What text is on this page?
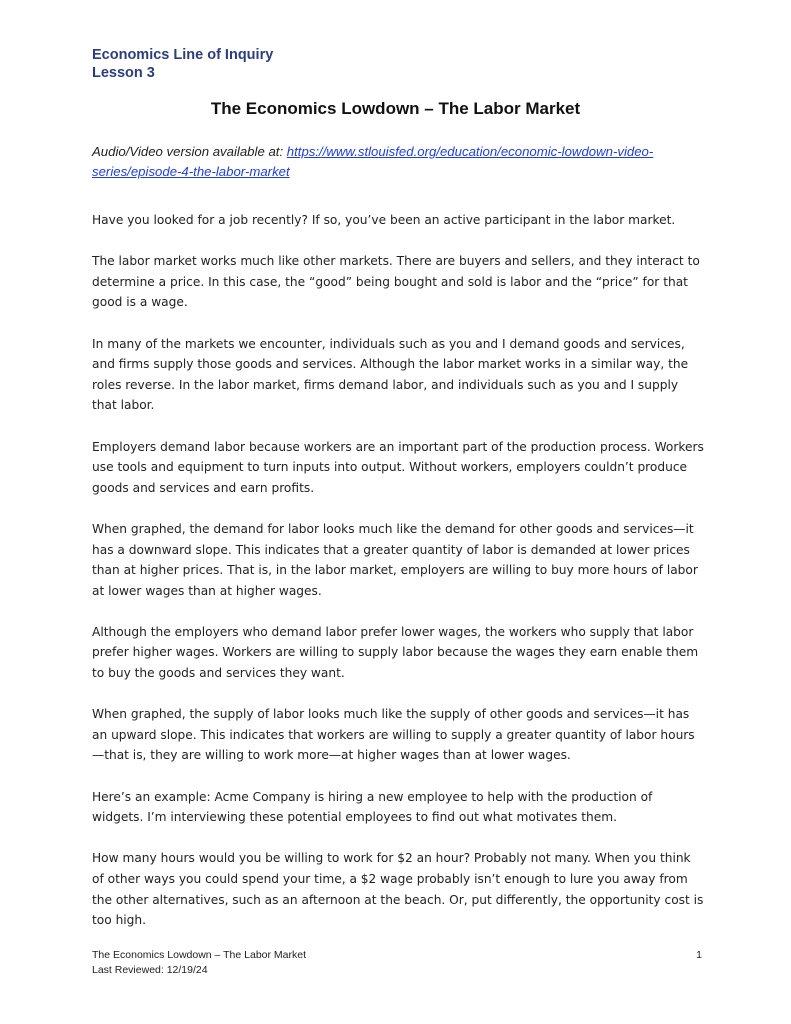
Economics Line of Inquiry
Lesson 3
The Economics Lowdown – The Labor Market
Audio/Video version available at: https://www.stlouisfed.org/education/economic-lowdown-video-series/episode-4-the-labor-market

Have you looked for a job recently? If so, you’ve been an active participant in the labor market.

The labor market works much like other markets. There are buyers and sellers, and they interact to determine a price. In this case, the “good” being bought and sold is labor and the “price” for that good is a wage.

In many of the markets we encounter, individuals such as you and I demand goods and services, and firms supply those goods and services. Although the labor market works in a similar way, the roles reverse. In the labor market, firms demand labor, and individuals such as you and I supply that labor.

Employers demand labor because workers are an important part of the production process. Workers use tools and equipment to turn inputs into output. Without workers, employers couldn’t produce goods and services and earn profits.

When graphed, the demand for labor looks much like the demand for other goods and services—it has a downward slope. This indicates that a greater quantity of labor is demanded at lower prices than at higher prices. That is, in the labor market, employers are willing to buy more hours of labor at lower wages than at higher wages.

Although the employers who demand labor prefer lower wages, the workers who supply that labor prefer higher wages. Workers are willing to supply labor because the wages they earn enable them to buy the goods and services they want.

When graphed, the supply of labor looks much like the supply of other goods and services—it has an upward slope. This indicates that workers are willing to supply a greater quantity of labor hours—that is, they are willing to work more—at higher wages than at lower wages.

Here’s an example: Acme Company is hiring a new employee to help with the production of widgets. I’m interviewing these potential employees to find out what motivates them.

How many hours would you be willing to work for $2 an hour? Probably not many. When you think of other ways you could spend your time, a $2 wage probably isn’t enough to lure you away from the other alternatives, such as an afternoon at the beach. Or, put differently, the opportunity cost is too high.

The Economics Lowdown – The Labor Market
Last Reviewed: 12/19/24
1
